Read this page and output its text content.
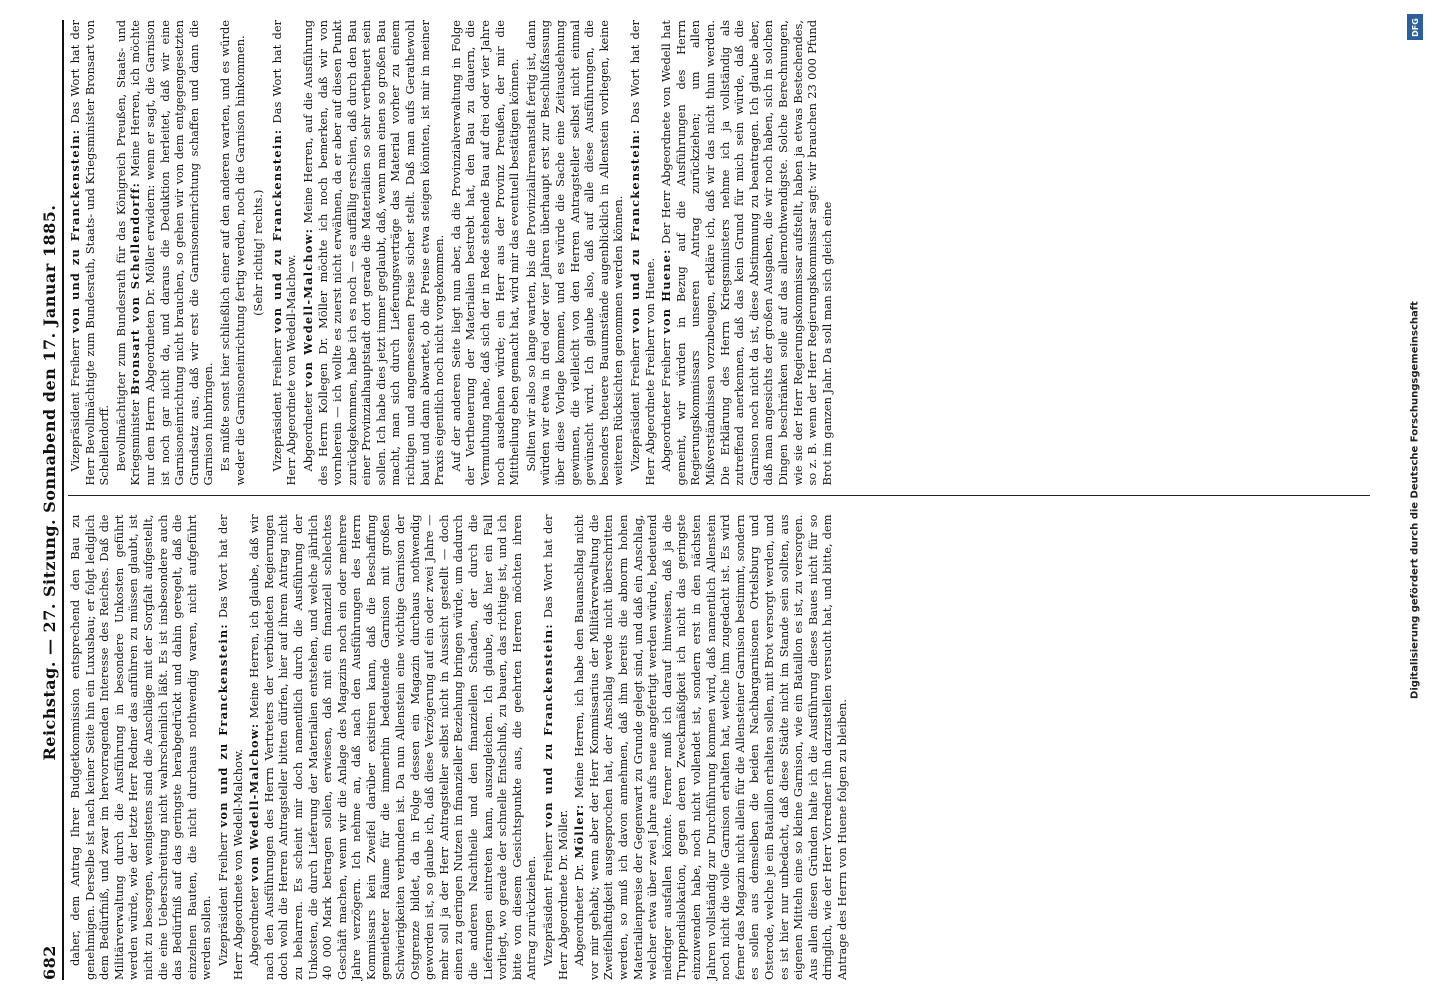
682
Reichstag. — 27. Sitzung. Sonnabend den 17. Januar 1885. daher, dem Antrag Ihrer Budgetkommission entsprechend den Bau zu genehmigen. Derselbe ist nach keiner Seite hin ein Luxusbau; er folgt lediglich dem Bedürfniß, und zwar im hervorragenden Interesse des Reiches. Daß die Militärverwaltung durch die Ausführung in besondere Unkosten geführt werden würde, wie der letzte Herr Redner das anführen zu müssen glaubt, ist nicht zu besorgen, wenigstens sind die Anschläge mit der Sorgfalt aufgestellt, die eine Ueberschreitung nicht wahrscheinlich läßt. Es ist insbesondere auch das Bedürfniß auf das geringste herabgedrückt und dahin geregelt, daß die einzelnen Bauten, die nicht durchaus nothwendig waren, nicht aufgeführt werden sollen. Vizepräsident Freiherr von und zu Franckenstein: Das Wort hat der Herr Abgeordnete von Wedell-Malchow. Abgeordneter von Wedell-Malchow: Meine Herren, ich glaube, daß wir nach den Ausführungen des Herrn Vertreters der verbündeten Regierungen doch wohl die Herren Antragsteller bitten dürfen, hier auf ihrem Antrag nicht zu beharren. Es scheint mir doch namentlich durch die Ausführung der Unkosten, die durch Lieferung der Materialien entstehen, und welche jährlich 40 000 Mark betragen sollen, erwiesen, daß mit ein finanziell schlechtes Geschäft machen, wenn wir die Anlage des Magazins noch ein oder mehrere Jahre verzögern. Ich nehme an, daß nach den Ausführungen des Herrn Kommissars kein Zweifel darüber existiren kann, daß die Beschaffung gemietheter Räume für die immerhin bedeutende Garnison mit großen Schwierigkeiten verbunden ist. Da nun Allenstein eine wichtige Garnison der Ostgrenze bildet, da in Folge dessen ein Magazin durchaus nothwendig geworden ist, so glaube ich, daß diese Verzögerung auf ein oder zwei Jahre — mehr soll ja der Herr Antragsteller selbst nicht in Aussicht gestellt — doch einen zu geringen Nutzen in finanzieller Beziehung bringen würde, um dadurch die anderen Nachtheile und den finanziellen Schaden, der durch die Lieferungen eintreten kann, auszugleichen. Ich glaube, daß hier ein Fall vorliegt, wo gerade der schnelle Entschluß, zu bauen, das richtige ist, und ich bitte von diesem Gesichtspunkte aus, die geehrten Herren möchten ihren Antrag zurückziehen. Vizepräsident Freiherr von und zu Franckenstein: Das Wort hat der Herr Abgeordnete Dr. Möller. Abgeordneter Dr. Möller: Meine Herren, ich habe den Bauanschlag nicht vor mir gehabt; wenn aber der Herr Kommissarius der Militärverwaltung die Zweifelhaftigkeit ausgesprochen hat, der Anschlag werde nicht überschritten werden, so muß ich davon annehmen, daß ihm bereits die abnorm hohen Materialienpreise der Gegenwart zu Grunde gelegt sind, und daß ein Anschlag, welcher etwa über zwei Jahre aufs neue angefertigt werden würde, bedeutend niedriger ausfallen könnte. Ferner muß ich darauf hinweisen, daß ja die Truppendislokation, gegen deren Zweckmäßigkeit ich nicht das geringste einzuwenden habe, noch nicht vollendet ist, sondern erst in den nächsten Jahren vollständig zur Durchführung kommen wird, daß namentlich Allenstein noch nicht die volle Garnison erhalten hat, welche ihm zugedacht ist. Es wird ferner das Magazin nicht allein für die Allensteiner Garnison bestimmt, sondern es sollen aus demselben die beiden Nachbargarnisonen Ortelsburg und Osterode, welche je ein Bataillon erhalten sollen, mit Brot versorgt werden, und es ist hier nur unbedacht, daß diese Städte nicht im Stande sein sollten, aus eigenen Mitteln eine so kleine Garnison, wie ein Bataillon es ist, zu versorgen. Aus allen diesen Gründen halte ich die Ausführung dieses Baues nicht für so dringlich, wie der Herr Vorredner ihn darzustellen versucht hat, und bitte, dem Antrage des Herrn von Huene folgen zu bleiben.

Vizepräsident Freiherr von und zu Franckenstein: Das Wort hat der Herr Bevollmächtigte zum Bundesrath, Staats- und Kriegsminister Bronsart von Schellendorff. Bevollmächtigter zum Bundesrath für das Königreich Preußen, Staats- und Kriegsminister Bronsart von Schellendorff: Meine Herren, ich möchte nur dem Herrn Abgeordneten Dr. Möller erwidern: wenn er sagt, die Garnison ist noch gar nicht da, und daraus die Deduktion herleitet, daß wir eine Garnisoneinrichtung nicht brauchen, so gehen wir von dem entgegengesetzten Grundsatz aus, daß wir erst die Garnisoneinrichtung schaffen und dann die Garnison hinbringen. Es müßte sonst hier schließlich einer auf den anderen warten, und es würde weder die Garnisoneinrichtung fertig werden, noch die Garnison hinkommen. (Sehr richtig! rechts.)

Vizepräsident Freiherr von und zu Franckenstein: Das Wort hat der Herr Abgeordnete von Wedell-Malchow. Abgeordneter von Wedell-Malchow: Meine Herren, auf die Ausführung des Herrn Kollegen Dr. Möller möchte ich noch bemerken, daß wir von vornherein — ich wollte es zuerst nicht erwähnen, da er aber auf diesen Punkt zurückgekommen, habe ich es noch — es auffällig erschien, daß durch den Bau einer Provinzialhauptstadt dort gerade die Materialien so sehr vertheuert sein sollen. Ich habe dies jetzt immer geglaubt, daß, wenn man einen so großen Bau macht, man sich durch Lieferungsverträge das Material vorher zu einem richtigen und angemessenen Preise sicher stellt. Daß man aufs Gerathewohl baut und dann abwartet, ob die Preise etwa steigen könnten, ist mir in meiner Praxis eigentlich noch nicht vorgekommen. Auf der anderen Seite liegt nun aber, da die Provinzialverwaltung in Folge der Vertheuerung der Materialien bestrebt hat, den Bau zu dauern, die Vermuthung nahe, daß sich der in Rede stehende Bau auf drei oder vier Jahre noch ausdehnen würde; ein Herr aus der Provinz Preußen, der mir die Mittheilung eben gemacht hat, wird mir das eventuell bestätigen können. Sollten wir also so lange warten, bis die Provinzialirrenanstalt fertig ist, dann würden wir etwa in drei oder vier Jahren überhaupt erst zur Beschlußfassung über diese Vorlage kommen, und es würde die Sache eine Zeitausdehnung gewinnen, die vielleicht von den Herren Antragsteller selbst nicht einmal gewünscht wird. Ich glaube also, daß auf alle diese Ausführungen, die besonders theuere Bauumstände augenblicklich in Allenstein vorliegen, keine weiteren Rücksichten genommen werden können. Vizepräsident Freiherr von und zu Franckenstein: Das Wort hat der Herr Abgeordnete Freiherr von Huene. Abgeordneter Freiherr von Huene: Der Herr Abgeordnete von Wedell hat gemeint, wir würden in Bezug auf die Ausführungen des Herrn Regierungskommissars unseren Antrag zurückziehen; um allen Mißverständnissen vorzubeugen, erkläre ich, daß wir das nicht thun werden. Die Erklärung des Herrn Kriegsministers nehme ich ja vollständig als zutreffend anerkennen, daß das kein Grund für mich sein würde, daß die Garnison noch nicht da ist, diese Abstimmung zu beantragen. Ich glaube aber, daß man angesichts der großen Ausgaben, die wir noch haben, sich in solchen Dingen beschränken solle auf das allernothwendigste. Solche Berechnungen, wie sie der Herr Regierungskommissar aufstellt, haben ja etwas Bestechendes, so z. B. wenn der Herr Regierungskommissar sagt: wir brauchen 23 000 Pfund Brot im ganzen Jahr. Da soll man sich gleich eine

DFG
Digitalisierung gefördert durch die Deutsche Forschungsgemeinschaft
